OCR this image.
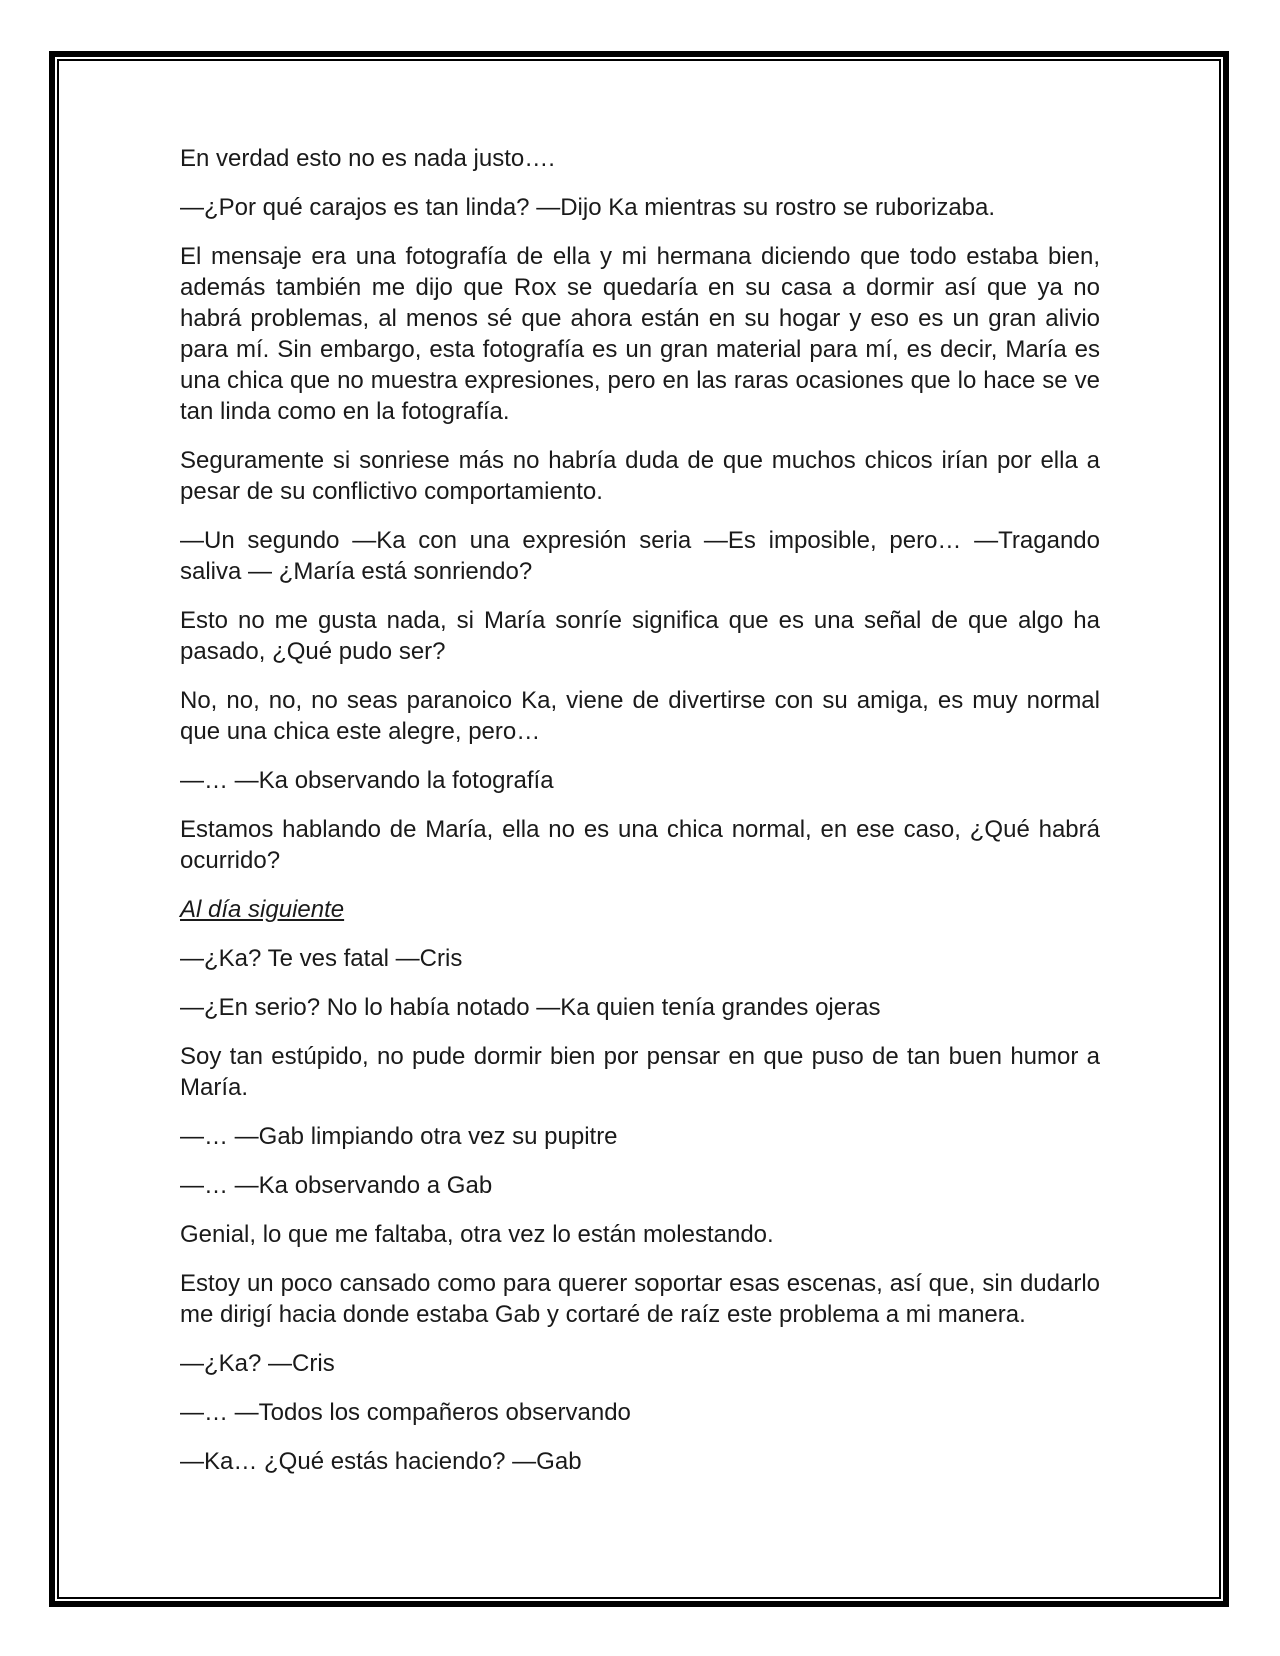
En verdad esto no es nada justo….

—¿Por qué carajos es tan linda? —Dijo Ka mientras su rostro se ruborizaba.

El mensaje era una fotografía de ella y mi hermana diciendo que todo estaba bien, además también me dijo que Rox se quedaría en su casa a dormir así que ya no habrá problemas, al menos sé que ahora están en su hogar y eso es un gran alivio para mí. Sin embargo, esta fotografía es un gran material para mí, es decir, María es una chica que no muestra expresiones, pero en las raras ocasiones que lo hace se ve tan linda como en la fotografía.

Seguramente si sonriese más no habría duda de que muchos chicos irían por ella a pesar de su conflictivo comportamiento.

—Un segundo —Ka con una expresión seria —Es imposible, pero… —Tragando saliva — ¿María está sonriendo?

Esto no me gusta nada, si María sonríe significa que es una señal de que algo ha pasado, ¿Qué pudo ser?

No, no, no, no seas paranoico Ka, viene de divertirse con su amiga, es muy normal que una chica este alegre, pero…

—… —Ka observando la fotografía

Estamos hablando de María, ella no es una chica normal, en ese caso, ¿Qué habrá ocurrido?

Al día siguiente

—¿Ka? Te ves fatal —Cris

—¿En serio? No lo había notado —Ka quien tenía grandes ojeras

Soy tan estúpido, no pude dormir bien por pensar en que puso de tan buen humor a María.

—… —Gab limpiando otra vez su pupitre

—… —Ka observando a Gab

Genial, lo que me faltaba, otra vez lo están molestando.

Estoy un poco cansado como para querer soportar esas escenas, así que, sin dudarlo me dirigí hacia donde estaba Gab y cortaré de raíz este problema a mi manera.

—¿Ka? —Cris

—… —Todos los compañeros observando

—Ka… ¿Qué estás haciendo? —Gab
